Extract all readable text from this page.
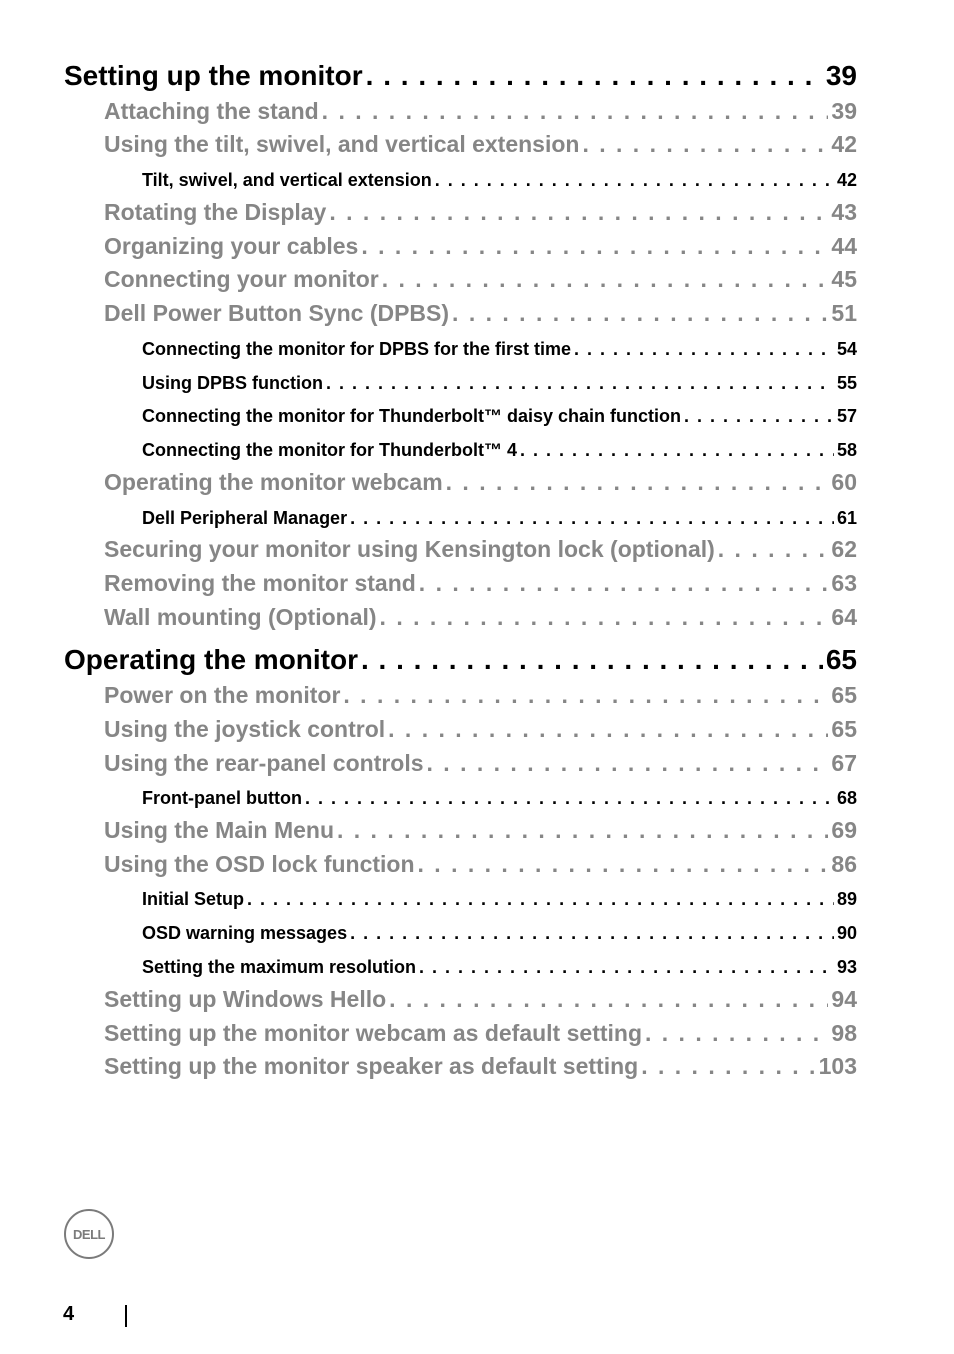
Setting up the monitor . . .	39
Attaching the stand . . .	39
Using the tilt, swivel, and vertical extension . . .	42
Tilt, swivel, and vertical extension . . .	42
Rotating the Display . . .	43
Organizing your cables . . .	44
Connecting your monitor . . .	45
Dell Power Button Sync (DPBS) . . .	51
Connecting the monitor for DPBS for the first time . . .	54
Using DPBS function . . .	55
Connecting the monitor for Thunderbolt™ daisy chain function . . .	57
Connecting the monitor for Thunderbolt™ 4 . . .	58
Operating the monitor webcam . . .	60
Dell Peripheral Manager . . .	61
Securing your monitor using Kensington lock (optional) . . .	62
Removing the monitor stand . . .	63
Wall mounting (Optional) . . .	64
Operating the monitor . . .	65
Power on the monitor . . .	65
Using the joystick control . . .	65
Using the rear-panel controls . . .	67
Front-panel button . . .	68
Using the Main Menu . . .	69
Using the OSD lock function . . .	86
Initial Setup . . .	89
OSD warning messages . . .	90
Setting the maximum resolution . . .	93
Setting up Windows Hello . . .	94
Setting up the monitor webcam as default setting . . .	98
Setting up the monitor speaker as default setting . . .	103
DELL
4
